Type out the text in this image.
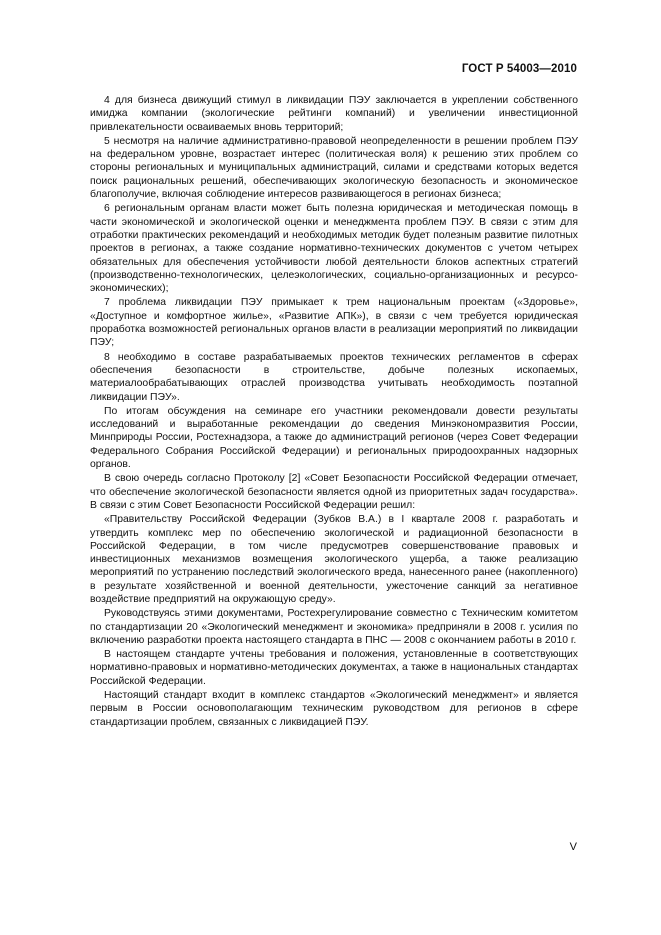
ГОСТ Р 54003—2010

4 для бизнеса движущий стимул в ликвидации ПЭУ заключается в укреплении собственного имиджа компании (экологические рейтинги компаний) и увеличении инвестиционной привлекательности осваиваемых вновь территорий;

5 несмотря на наличие административно-правовой неопределенности в решении проблем ПЭУ на федеральном уровне, возрастает интерес (политическая воля) к решению этих проблем со стороны региональных и муниципальных администраций, силами и средствами которых ведется поиск рациональных решений, обеспечивающих экологическую безопасность и экономическое благополучие, включая соблюдение интересов развивающегося в регионах бизнеса;

6 региональным органам власти может быть полезна юридическая и методическая помощь в части экономической и экологической оценки и менеджмента проблем ПЭУ. В связи с этим для отработки практических рекомендаций и необходимых методик будет полезным развитие пилотных проектов в регионах, а также создание нормативно-технических документов с учетом четырех обязательных для обеспечения устойчивости любой деятельности блоков аспектных стратегий (производственно-технологических, целеэкологических, социально-организационных и ресурсо-экономических);

7 проблема ликвидации ПЭУ примыкает к трем национальным проектам («Здоровье», «Доступное и комфортное жилье», «Развитие АПК»), в связи с чем требуется юридическая проработка возможностей региональных органов власти в реализации мероприятий по ликвидации ПЭУ;

8 необходимо в составе разрабатываемых проектов технических регламентов в сферах обеспечения безопасности в строительстве, добыче полезных ископаемых, материалообрабатывающих отраслей производства учитывать необходимость поэтапной ликвидации ПЭУ».

По итогам обсуждения на семинаре его участники рекомендовали довести результаты исследований и выработанные рекомендации до сведения Минэкономразвития России, Минприроды России, Ростехнадзора, а также до администраций регионов (через Совет Федерации Федерального Собрания Российской Федерации) и региональных природоохранных надзорных органов.

В свою очередь согласно Протоколу [2] «Совет Безопасности Российской Федерации отмечает, что обеспечение экологической безопасности является одной из приоритетных задач государства». В связи с этим Совет Безопасности Российской Федерации решил:

«Правительству Российской Федерации (Зубков В.А.) в I квартале 2008 г. разработать и утвердить комплекс мер по обеспечению экологической и радиационной безопасности в Российской Федерации, в том числе предусмотрев совершенствование правовых и инвестиционных механизмов возмещения экологического ущерба, а также реализацию мероприятий по устранению последствий экологического вреда, нанесенного ранее (накопленного) в результате хозяйственной и военной деятельности, ужесточение санкций за негативное воздействие предприятий на окружающую среду».

Руководствуясь этими документами, Ростехрегулирование совместно с Техническим комитетом по стандартизации 20 «Экологический менеджмент и экономика» предприняли в 2008 г. усилия по включению разработки проекта настоящего стандарта в ПНС — 2008 с окончанием работы в 2010 г.

В настоящем стандарте учтены требования и положения, установленные в соответствующих нормативно-правовых и нормативно-методических документах, а также в национальных стандартах Российской Федерации.

Настоящий стандарт входит в комплекс стандартов «Экологический менеджмент» и является первым в России основополагающим техническим руководством для регионов в сфере стандартизации проблем, связанных с ликвидацией ПЭУ.

V
